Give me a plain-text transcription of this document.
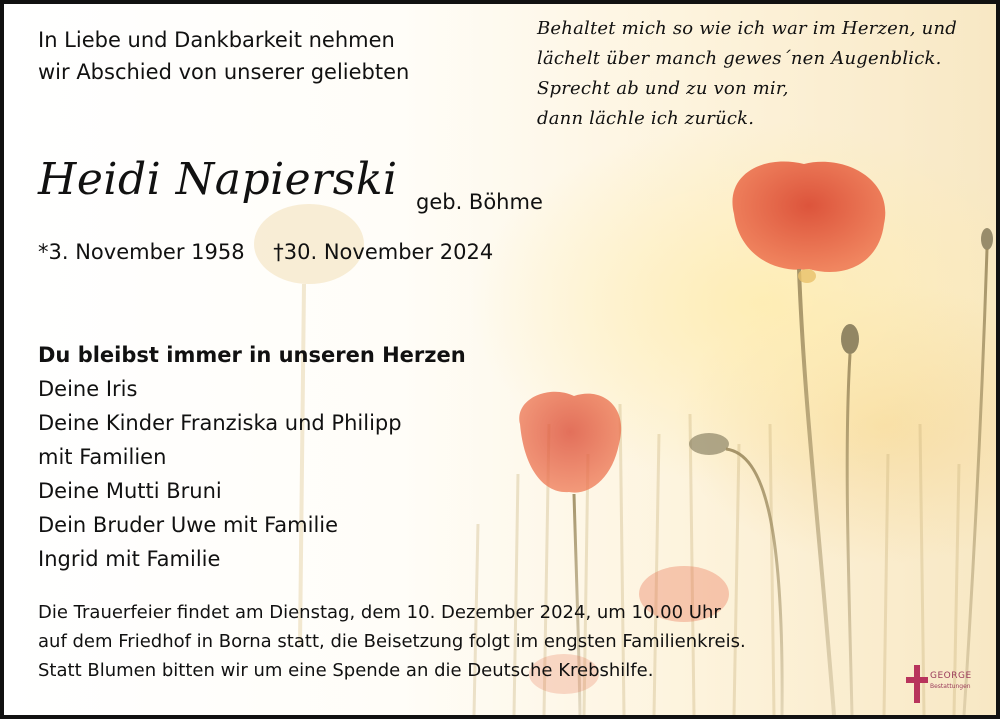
In Liebe und Dankbarkeit nehmen
wir Abschied von unserer geliebten
Behaltet mich so wie ich war im Herzen, und
lächelt über manch gewes´nen Augenblick.
Sprecht ab und zu von mir,
dann lächle ich zurück.
Heidi Napierski geb. Böhme
*3. November 1958 †30. November 2024
Du bleibst immer in unseren Herzen
Deine Iris
Deine Kinder Franziska und Philipp
mit Familien
Deine Mutti Bruni
Dein Bruder Uwe mit Familie
Ingrid mit Familie
Die Trauerfeier findet am Dienstag, dem 10. Dezember 2024, um 10.00 Uhr
auf dem Friedhof in Borna statt, die Beisetzung folgt im engsten Familienkreis.
Statt Blumen bitten wir um eine Spende an die Deutsche Krebshilfe.	GEORGE
Bestattungen
